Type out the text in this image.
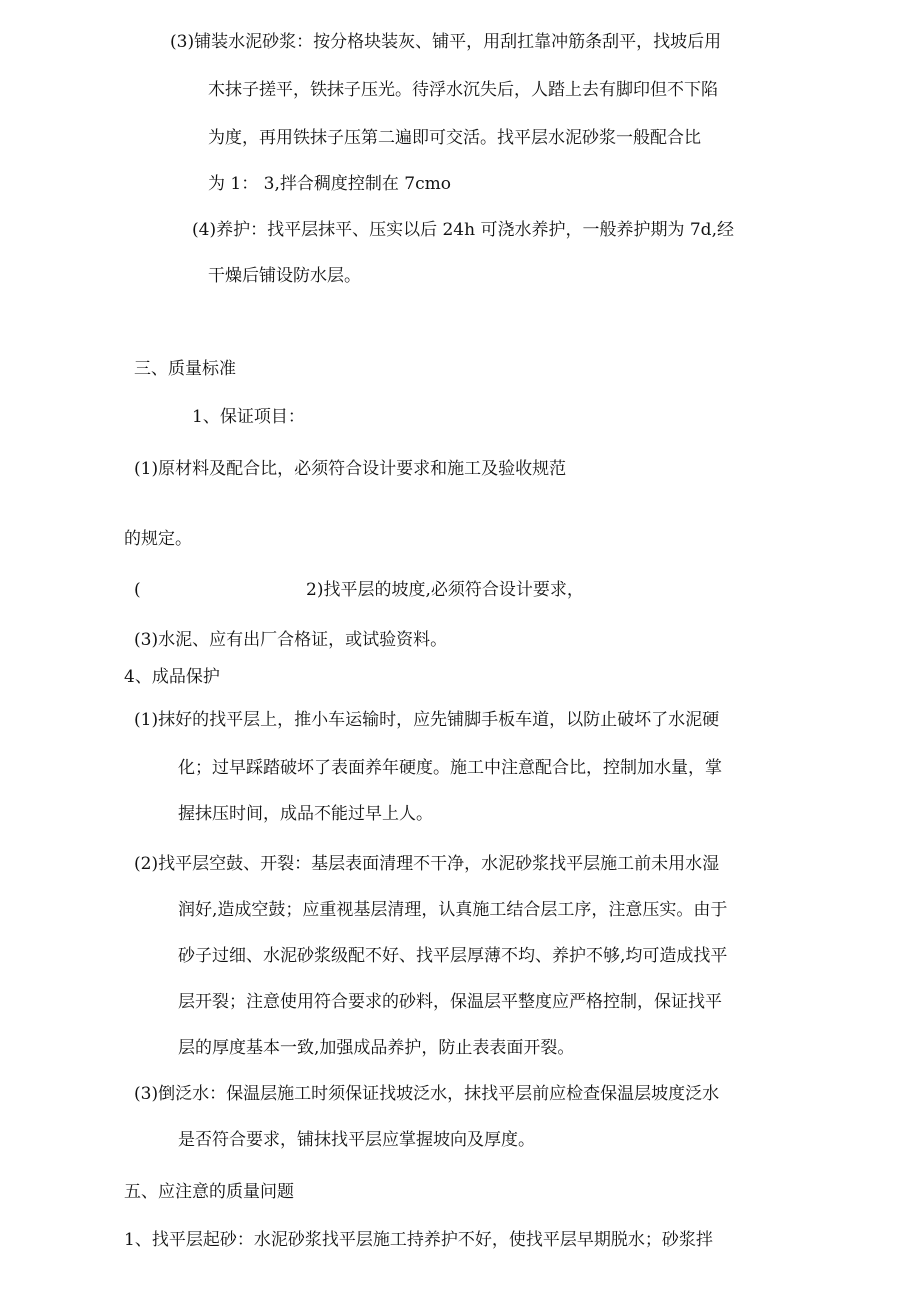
(3)铺装水泥砂浆：按分格块装灰、铺平，用刮扛靠冲筋条刮平，找坡后用
木抹子搓平，铁抹子压光。待浮水沉失后，人踏上去有脚印但不下陷
为度，再用铁抹子压第二遍即可交活。找平层水泥砂浆一般配合比
为 1： 3,拌合稠度控制在 7cmo
(4)养护：找平层抹平、压实以后 24h 可浇水养护，一般养护期为 7d,经
干燥后铺设防水层。
三、质量标准
1、保证项目：
(1)原材料及配合比，必须符合设计要求和施工及验收规范
的规定。
(	2)找平层的坡度,必须符合设计要求，
(3)水泥、应有出厂合格证，或试验资料。
4、成品保护
(1)抹好的找平层上，推小车运输时，应先铺脚手板车道，以防止破坏了水泥硬
化；过早踩踏破坏了表面养年硬度。施工中注意配合比，控制加水量，掌
握抹压时间，成品不能过早上人。
(2)找平层空鼓、开裂：基层表面清理不干净，水泥砂浆找平层施工前未用水湿
润好,造成空鼓；应重视基层清理，认真施工结合层工序，注意压实。由于
砂子过细、水泥砂浆级配不好、找平层厚薄不均、养护不够,均可造成找平
层开裂；注意使用符合要求的砂料，保温层平整度应严格控制，保证找平
层的厚度基本一致,加强成品养护，防止表表面开裂。
(3)倒泛水：保温层施工时须保证找坡泛水，抹找平层前应检查保温层坡度泛水
是否符合要求，铺抹找平层应掌握坡向及厚度。
五、应注意的质量问题
1、找平层起砂：水泥砂浆找平层施工持养护不好，使找平层早期脱水；砂浆拌
